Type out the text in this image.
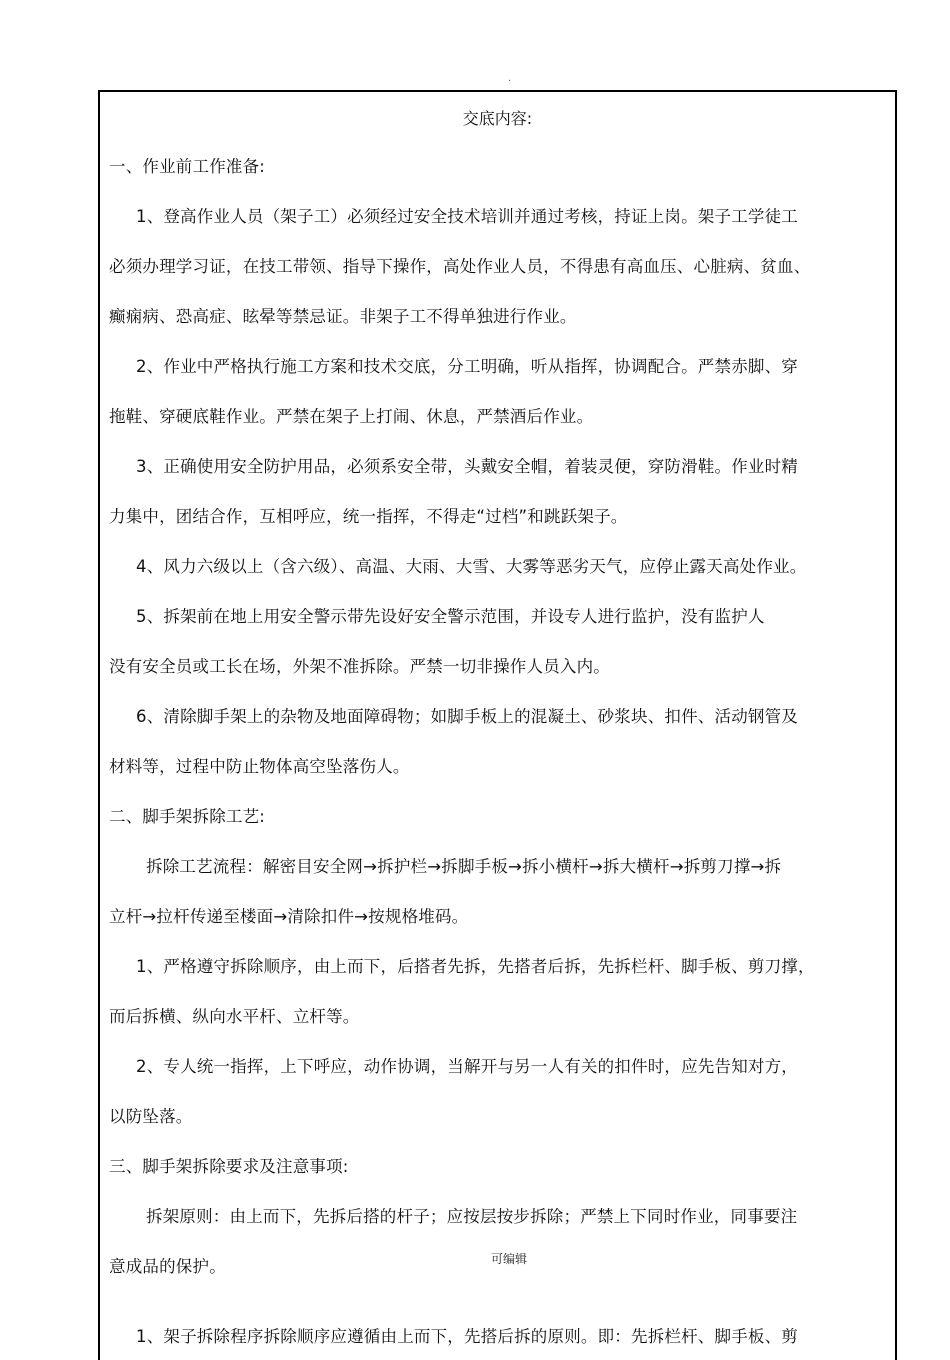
.
交底内容:
一、作业前工作准备:
1、登高作业人员（架子工）必须经过安全技术培训并通过考核，持证上岗。架子工学徒工
必须办理学习证，在技工带领、指导下操作，高处作业人员，不得患有高血压、心脏病、贫血、
癫痫病、恐高症、眩晕等禁忌证。非架子工不得单独进行作业。
2、作业中严格执行施工方案和技术交底，分工明确，听从指挥，协调配合。严禁赤脚、穿
拖鞋、穿硬底鞋作业。严禁在架子上打闹、休息，严禁酒后作业。
3、正确使用安全防护用品，必须系安全带，头戴安全帽，着装灵便，穿防滑鞋。作业时精
力集中，团结合作，互相呼应，统一指挥，不得走“过档”和跳跃架子。
4、风力六级以上（含六级）、高温、大雨、大雪、大雾等恶劣天气，应停止露天高处作业。
5、拆架前在地上用安全警示带先设好安全警示范围，并设专人进行监护，没有监护人
没有安全员或工长在场，外架不准拆除。严禁一切非操作人员入内。
6、清除脚手架上的杂物及地面障碍物；如脚手板上的混凝土、砂浆块、扣件、活动钢管及
材料等，过程中防止物体高空坠落伤人。
二、脚手架拆除工艺:
拆除工艺流程：解密目安全网→拆护栏→拆脚手板→拆小横杆→拆大横杆→拆剪刀撑→拆
立杆→拉杆传递至楼面→清除扣件→按规格堆码。
1、严格遵守拆除顺序，由上而下，后搭者先拆，先搭者后拆，先拆栏杆、脚手板、剪刀撑，
而后拆横、纵向水平杆、立杆等。
2、专人统一指挥，上下呼应，动作协调，当解开与另一人有关的扣件时，应先告知对方，
以防坠落。
三、脚手架拆除要求及注意事项:
拆架原则：由上而下，先拆后搭的杆子；应按层按步拆除；严禁上下同时作业，同事要注
意成品的保护。
1、架子拆除程序拆除顺序应遵循由上而下，先搭后拆的原则。即：先拆栏杆、脚手板、剪
可编辑
